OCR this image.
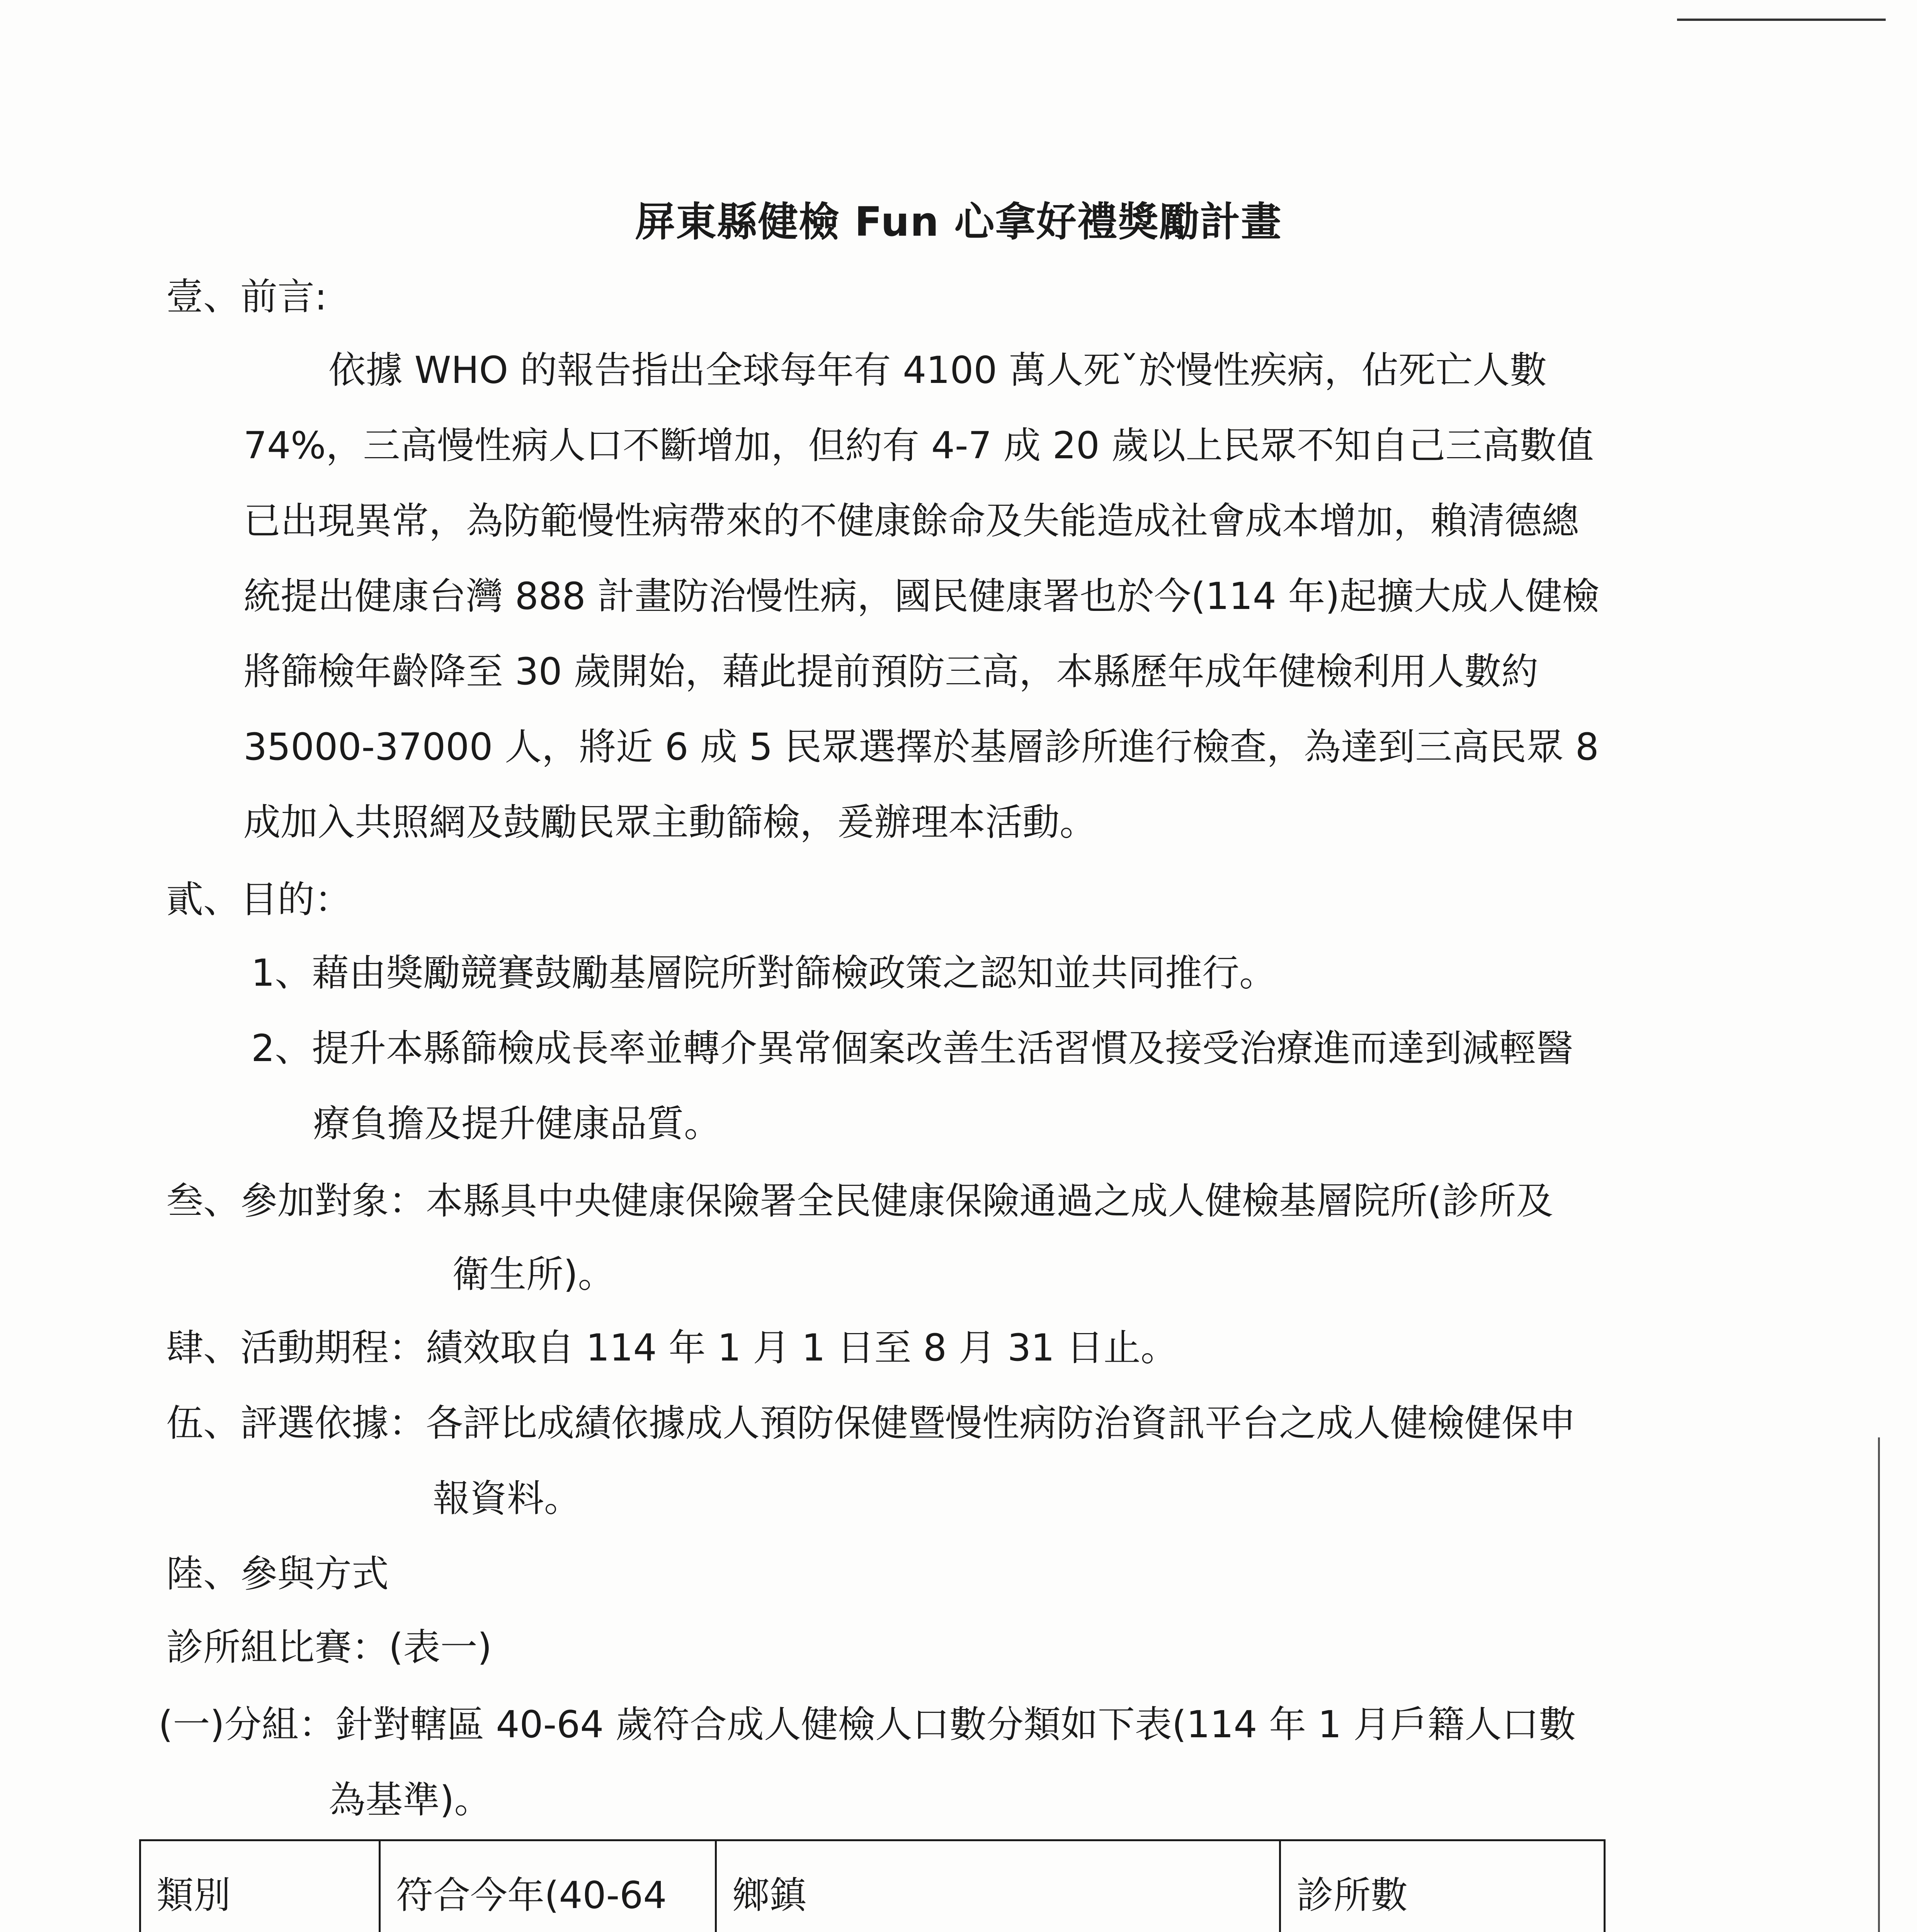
屏東縣健檢 Fun 心拿好禮獎勵計畫
壹、前言:
依據 WHO 的報告指出全球每年有 4100 萬人死ˇ於慢性疾病，佔死亡人數
74%，三高慢性病人口不斷增加，但約有 4-7 成 20 歲以上民眾不知自己三高數值
已出現異常，為防範慢性病帶來的不健康餘命及失能造成社會成本增加，賴清德總
統提出健康台灣 888 計畫防治慢性病，國民健康署也於今(114 年)起擴大成人健檢
將篩檢年齡降至 30 歲開始，藉此提前預防三高，本縣歷年成年健檢利用人數約
35000-37000 人，將近 6 成 5 民眾選擇於基層診所進行檢查，為達到三高民眾 8
成加入共照網及鼓勵民眾主動篩檢，爰辦理本活動。
貳、目的：
1、藉由獎勵競賽鼓勵基層院所對篩檢政策之認知並共同推行。
2、提升本縣篩檢成長率並轉介異常個案改善生活習慣及接受治療進而達到減輕醫
療負擔及提升健康品質。
叁、參加對象：本縣具中央健康保險署全民健康保險通過之成人健檢基層院所(診所及
衛生所)。
肆、活動期程：績效取自 114 年 1 月 1 日至 8 月 31 日止。
伍、評選依據：各評比成績依據成人預防保健暨慢性病防治資訊平台之成人健檢健保申
報資料。
陸、參與方式
診所組比賽：(表一)
(一)分組：針對轄區 40-64 歲符合成人健檢人口數分類如下表(114 年 1 月戶籍人口數
為基準)。
類別	符合今年(40-64	鄉鎮	診所數
